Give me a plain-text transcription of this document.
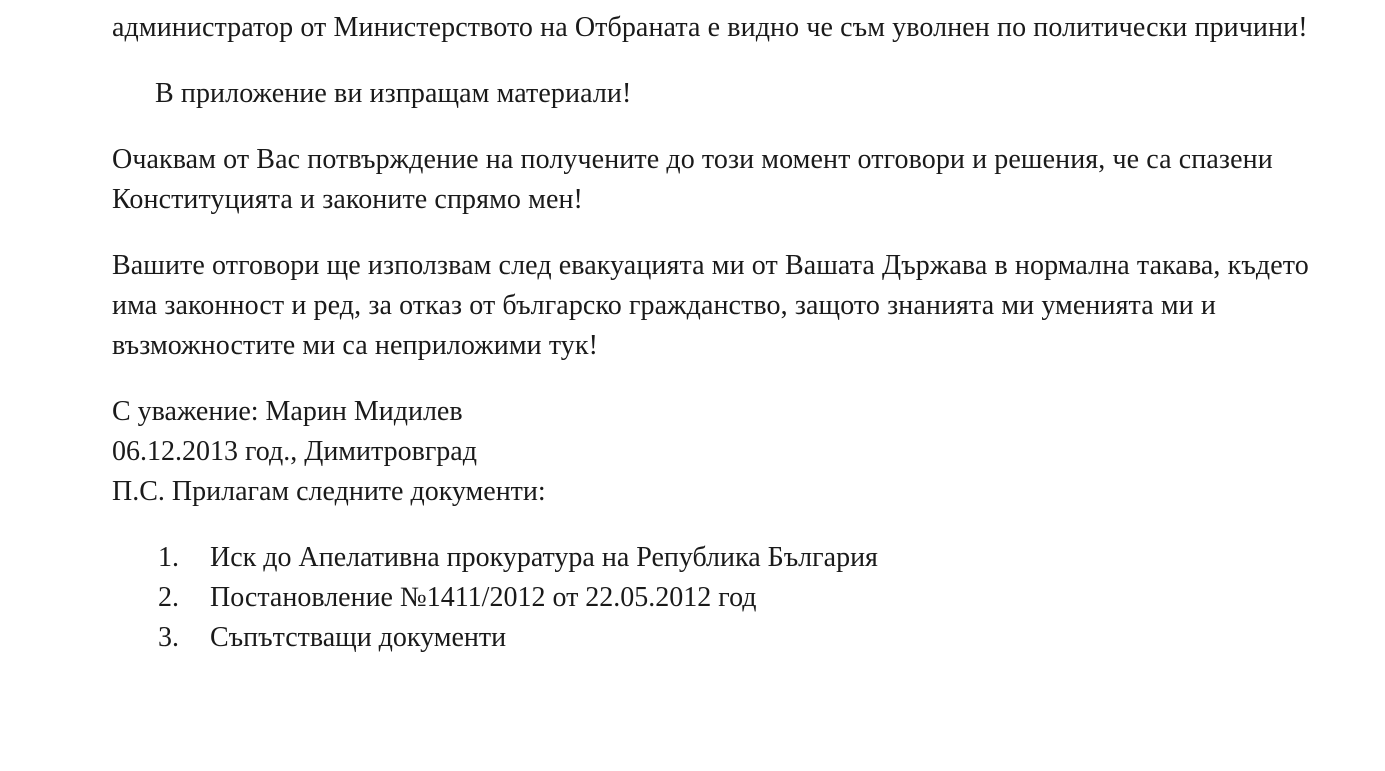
администратор от Министерството на Отбраната е видно че съм уволнен по политически причини!

В приложение ви изпращам материали!

Очаквам от Вас потвърждение на получените до този момент отговори и решения, че са спазени Конституцията и законите спрямо мен!

Вашите отговори ще използвам след евакуацията ми от Вашата Държава в нормална такава, където има законност и ред, за отказ от българско гражданство, защото знанията ми уменията ми и възможностите ми са неприложими тук!

С уважение: Марин Мидилев
06.12.2013 год., Димитровград
П.С. Прилагам следните документи:
1.	Иск до Апелативна прокуратура на Република България
2.	Постановление №1411/2012 от 22.05.2012 год
3.	Съпътстващи документи
